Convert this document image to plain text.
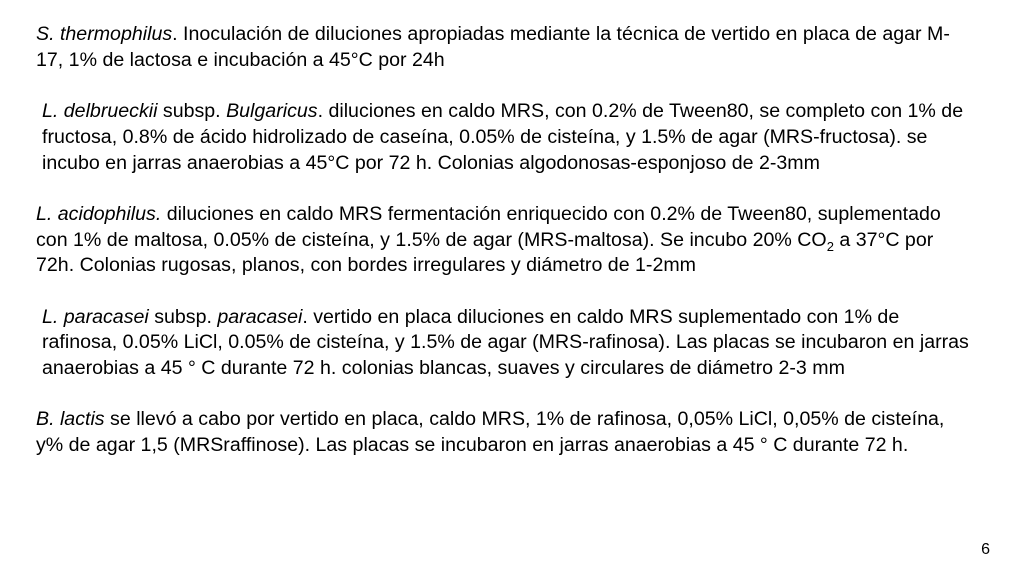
S. thermophilus. Inoculación de diluciones apropiadas mediante la técnica de vertido en placa de agar M-17, 1% de lactosa e incubación a 45°C por 24h

L. delbrueckii subsp. Bulgaricus. diluciones en caldo MRS, con 0.2% de Tween80, se completo con 1% de fructosa, 0.8% de ácido hidrolizado de caseína, 0.05% de cisteína, y 1.5% de agar (MRS-fructosa). se incubo en jarras anaerobias a 45°C por 72 h. Colonias algodonosas-esponjoso de 2-3mm

L. acidophilus. diluciones en caldo MRS fermentación enriquecido con 0.2% de Tween80, suplementado con 1% de maltosa, 0.05% de cisteína, y 1.5% de agar (MRS-maltosa). Se incubo 20% $CO_2$ a 37°C por 72h. Colonias rugosas, planos, con bordes irregulares y diámetro de 1-2mm

L. paracasei subsp. paracasei. vertido en placa diluciones en caldo MRS suplementado con 1% de rafinosa, 0.05% LiCl, 0.05% de cisteína, y 1.5% de agar (MRS-rafinosa). Las placas se incubaron en jarras anaerobias a 45 ° C durante 72 h. colonias blancas, suaves y circulares de diámetro 2-3 mm

B. lactis se llevó a cabo por vertido en placa, caldo MRS, 1% de rafinosa, 0,05% LiCl, 0,05% de cisteína, y% de agar 1,5 (MRSraffinose). Las placas se incubaron en jarras anaerobias a 45 ° C durante 72 h.

6
